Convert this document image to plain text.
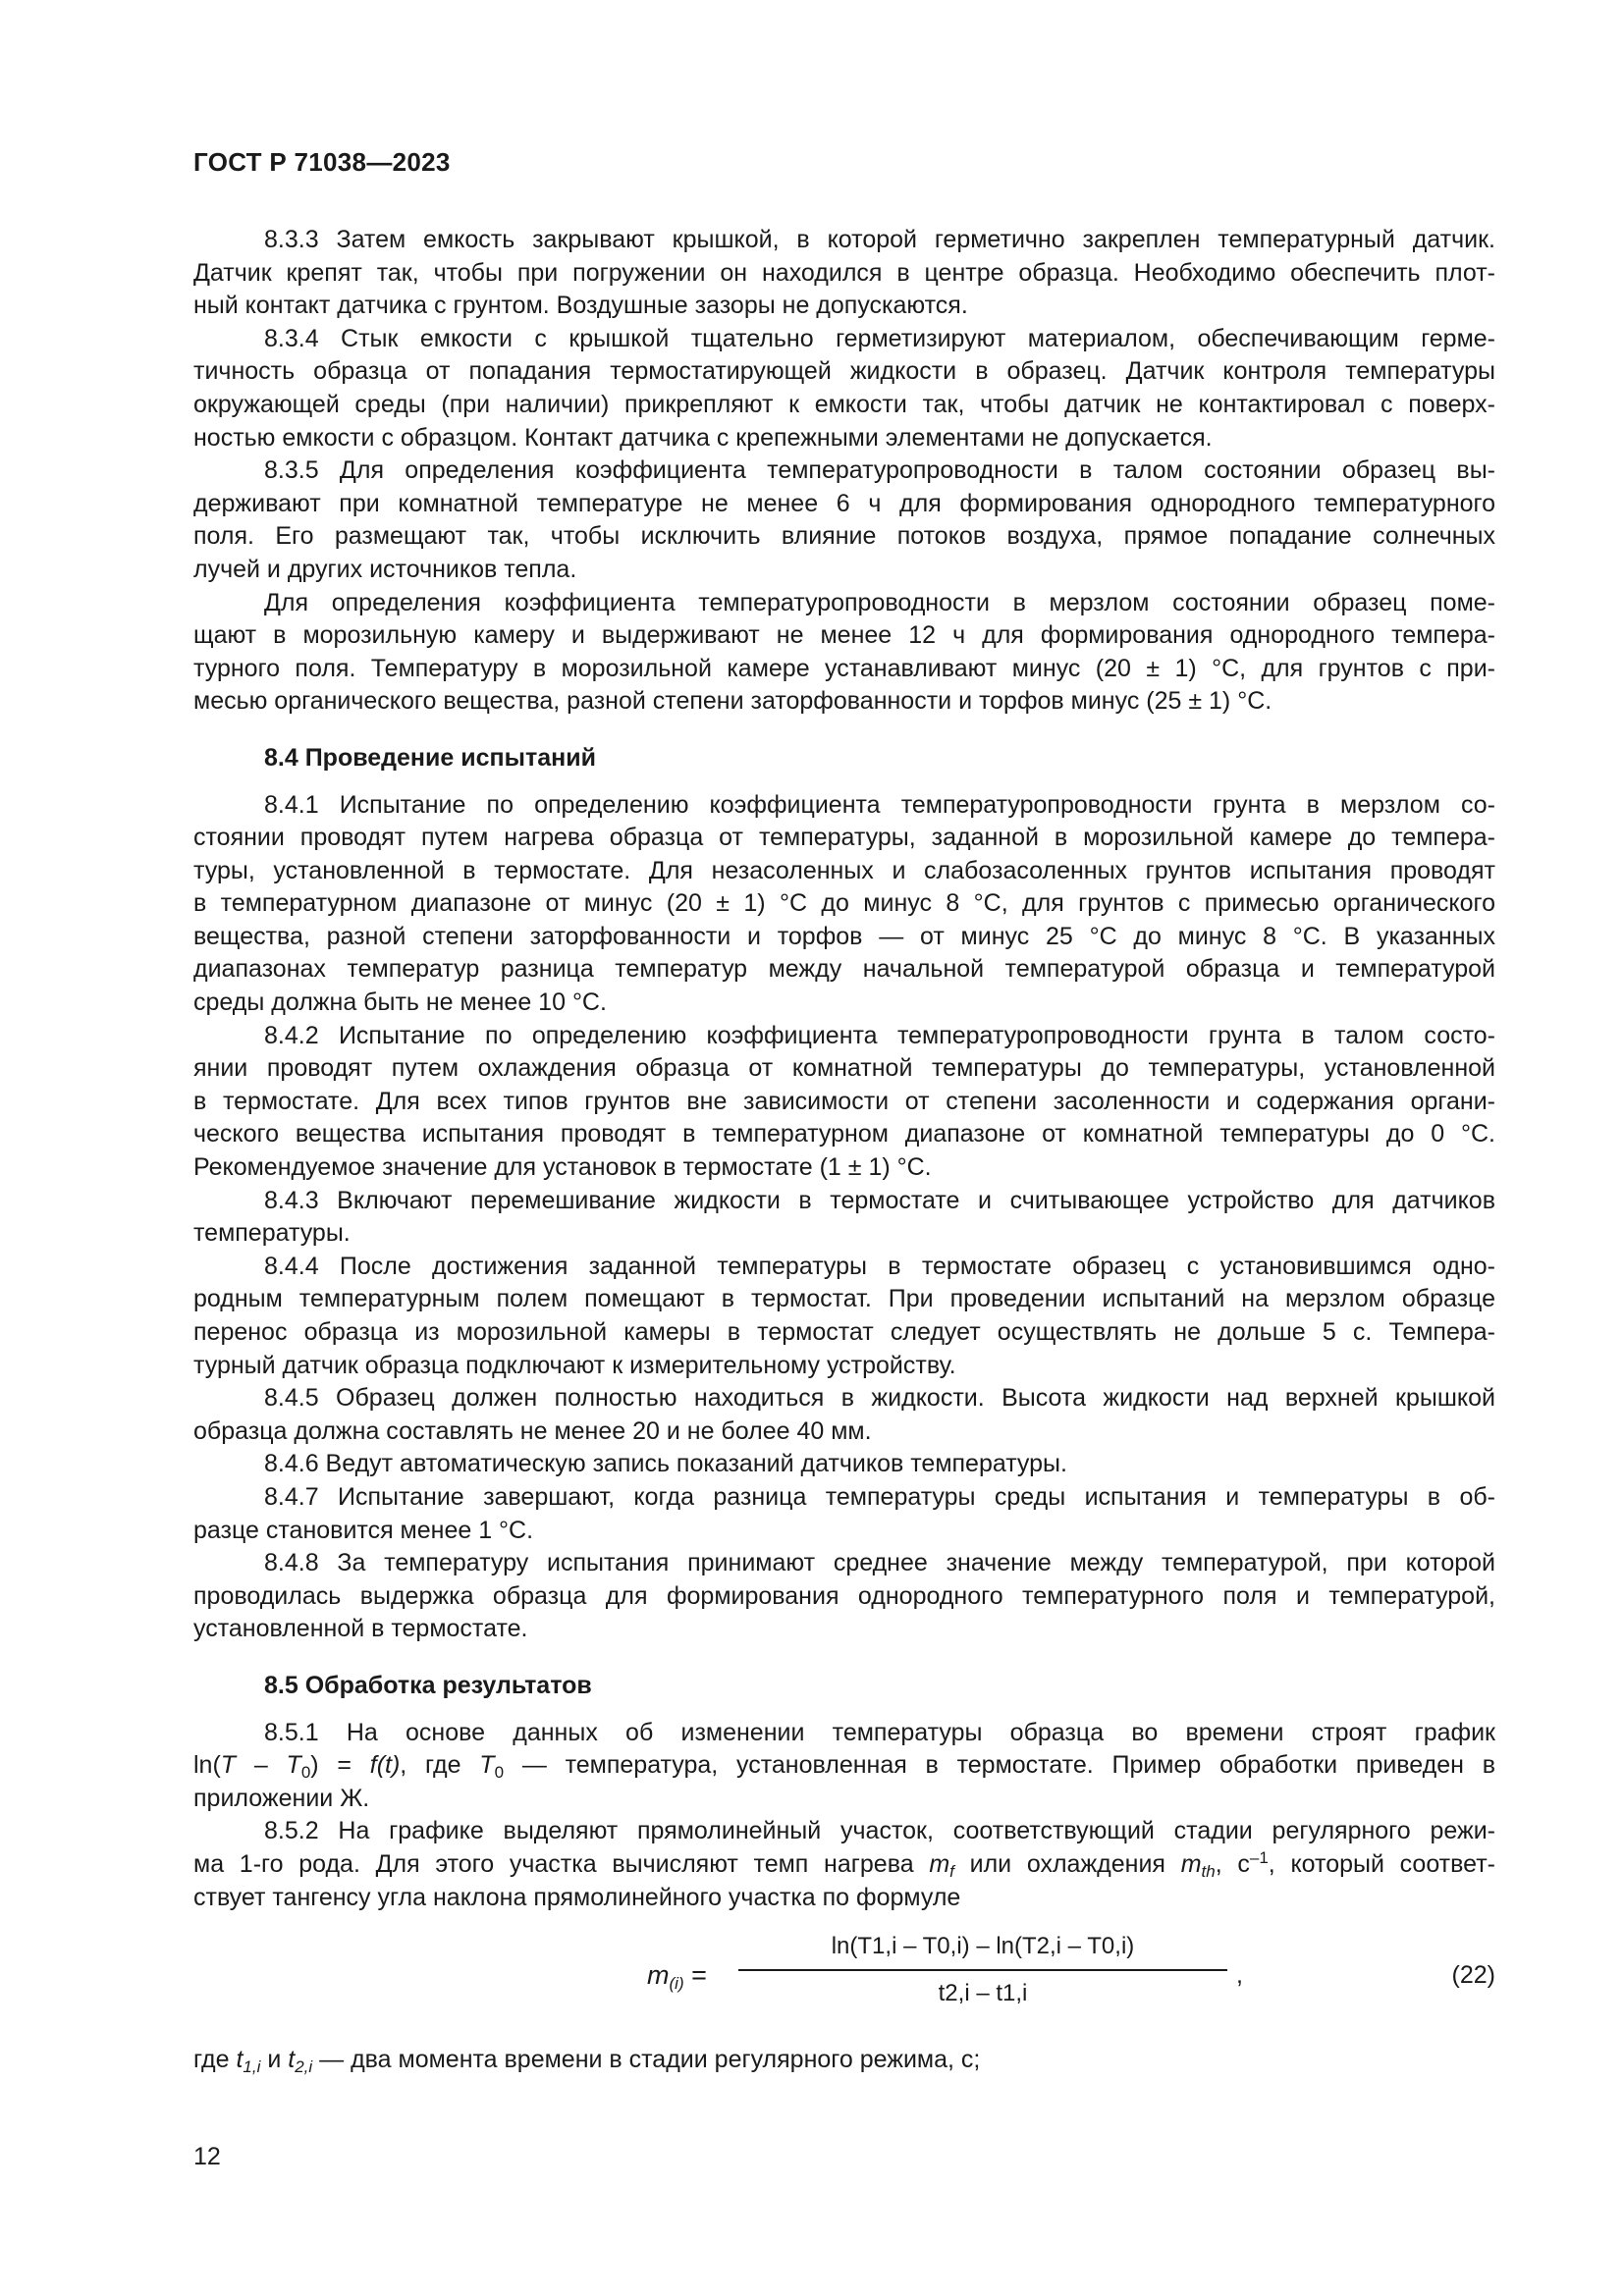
ГОСТ Р 71038—2023
8.3.3 Затем емкость закрывают крышкой, в которой герметично закреплен температурный датчик.
Датчик крепят так, чтобы при погружении он находился в центре образца. Необходимо обеспечить плот-
ный контакт датчика с грунтом. Воздушные зазоры не допускаются.
8.3.4 Стык емкости с крышкой тщательно герметизируют материалом, обеспечивающим герме-
тичность образца от попадания термостатирующей жидкости в образец. Датчик контроля температуры
окружающей среды (при наличии) прикрепляют к емкости так, чтобы датчик не контактировал с поверх-
ностью емкости с образцом. Контакт датчика с крепежными элементами не допускается.
8.3.5 Для определения коэффициента температуропроводности в талом состоянии образец вы-
держивают при комнатной температуре не менее 6 ч для формирования однородного температурного
поля. Его размещают так, чтобы исключить влияние потоков воздуха, прямое попадание солнечных
лучей и других источников тепла.
Для определения коэффициента температуропроводности в мерзлом состоянии образец поме-
щают в морозильную камеру и выдерживают не менее 12 ч для формирования однородного темпера-
турного поля. Температуру в морозильной камере устанавливают минус (20 ± 1) °С, для грунтов с при-
месью органического вещества, разной степени заторфованности и торфов минус (25 ± 1) °С.
8.4 Проведение испытаний
8.4.1 Испытание по определению коэффициента температуропроводности грунта в мерзлом со-
стоянии проводят путем нагрева образца от температуры, заданной в морозильной камере до темпера-
туры, установленной в термостате. Для незасоленных и слабозасоленных грунтов испытания проводят
в температурном диапазоне от минус (20 ± 1) °С до минус 8 °С, для грунтов с примесью органического
вещества, разной степени заторфованности и торфов — от минус 25 °С до минус 8 °С. В указанных
диапазонах температур разница температур между начальной температурой образца и температурой
среды должна быть не менее 10 °С.
8.4.2 Испытание по определению коэффициента температуропроводности грунта в талом состо-
янии проводят путем охлаждения образца от комнатной температуры до температуры, установленной
в термостате. Для всех типов грунтов вне зависимости от степени засоленности и содержания органи-
ческого вещества испытания проводят в температурном диапазоне от комнатной температуры до 0 °С.
Рекомендуемое значение для установок в термостате (1 ± 1) °С.
8.4.3 Включают перемешивание жидкости в термостате и считывающее устройство для датчиков
температуры.
8.4.4 После достижения заданной температуры в термостате образец с установившимся одно-
родным температурным полем помещают в термостат. При проведении испытаний на мерзлом образце
перенос образца из морозильной камеры в термостат следует осуществлять не дольше 5 с. Темпера-
турный датчик образца подключают к измерительному устройству.
8.4.5 Образец должен полностью находиться в жидкости. Высота жидкости над верхней крышкой
образца должна составлять не менее 20 и не более 40 мм.
8.4.6 Ведут автоматическую запись показаний датчиков температуры.
8.4.7 Испытание завершают, когда разница температуры среды испытания и температуры в об-
разце становится менее 1 °С.
8.4.8 За температуру испытания принимают среднее значение между температурой, при которой
проводилась выдержка образца для формирования однородного температурного поля и температурой,
установленной в термостате.
8.5 Обработка результатов
8.5.1 На основе данных об изменении температуры образца во времени строят график
$\ln(T - T_0) = f(t)$, где $T_0$ — температура, установленная в термостате. Пример обработки приведен в
приложении Ж.
8.5.2 На графике выделяют прямолинейный участок, соответствующий стадии регулярного режи-
ма 1-го рода. Для этого участка вычисляют темп нагрева $m_f$ или охлаждения $m_{th}$, $с^{-1}$, который соответ-
ствует тангенсу угла наклона прямолинейного участка по формуле
$m_{(i)}$ =
ln(T1,i – T0,i) – ln(T2,i – T0,i)
t2,i – t1,i
,	(22)
где $t_{1,i}$ и $t_{2,i}$ — два момента времени в стадии регулярного режима, с;
12
